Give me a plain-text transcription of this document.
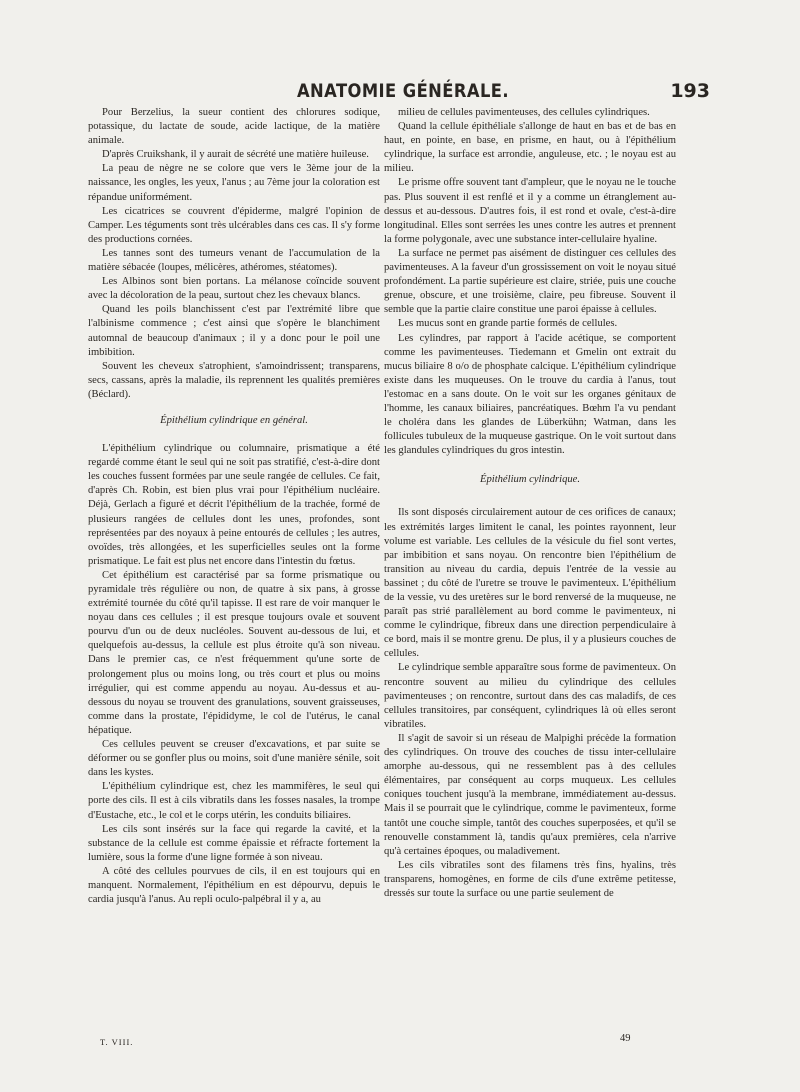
ANATOMIE GÉNÉRALE.	193

Pour Berzelius, la sueur contient des chlorures sodique, potassique, du lactate de soude, acide lactique, de la matière animale.

D'après Cruikshank, il y aurait de sécrété une matière huileuse.

La peau de nègre ne se colore que vers le 3ème jour de la naissance, les ongles, les yeux, l'anus ; au 7ème jour la coloration est répandue uniformément.

Les cicatrices se couvrent d'épiderme, malgré l'opinion de Camper. Les téguments sont très ulcérables dans ces cas. Il s'y forme des productions cornées.

Les tannes sont des tumeurs venant de l'accumulation de la matière sébacée (loupes, mélicères, athéromes, stéatomes).

Les Albinos sont bien portans. La mélanose coïncide souvent avec la décoloration de la peau, surtout chez les chevaux blancs.

Quand les poils blanchissent c'est par l'extrémité libre que l'albinisme commence ; c'est ainsi que s'opère le blanchiment automnal de beaucoup d'animaux ; il y a donc pour le poil une imbibition.

Souvent les cheveux s'atrophient, s'amoindrissent; transparens, secs, cassans, après la maladie, ils reprennent les qualités premières (Béclard).

Épithélium cylindrique en général.

L'épithélium cylindrique ou columnaire, prismatique a été regardé comme étant le seul qui ne soit pas stratifié, c'est-à-dire dont les couches fussent formées par une seule rangée de cellules. Ce fait, d'après Ch. Robin, est bien plus vrai pour l'épithélium nucléaire. Déjà, Gerlach a figuré et décrit l'épithélium de la trachée, formé de plusieurs rangées de cellules dont les unes, profondes, sont représentées par des noyaux à peine entourés de cellules ; les autres, ovoïdes, très allongées, et les superficielles seules ont la forme prismatique. Le fait est plus net encore dans l'intestin du fœtus.

Cet épithélium est caractérisé par sa forme prismatique ou pyramidale très régulière ou non, de quatre à six pans, à grosse extrémité tournée du côté qu'il tapisse. Il est rare de voir manquer le noyau dans ces cellules ; il est presque toujours ovale et souvent pourvu d'un ou de deux nucléoles. Souvent au-dessous de lui, et quelquefois au-dessus, la cellule est plus étroite qu'à son niveau. Dans le premier cas, ce n'est fréquemment qu'une sorte de prolongement plus ou moins long, ou très court et plus ou moins irrégulier, qui est comme appendu au noyau. Au-dessus et au-dessous du noyau se trouvent des granulations, souvent graisseuses, comme dans la prostate, l'épididyme, le col de l'utérus, le canal hépatique.

Ces cellules peuvent se creuser d'excavations, et par suite se déformer ou se gonfler plus ou moins, soit d'une manière sénile, soit dans les kystes.

L'épithélium cylindrique est, chez les mammifères, le seul qui porte des cils. Il est à cils vibratils dans les fosses nasales, la trompe d'Eustache, etc., le col et le corps utérin, les conduits biliaires.

Les cils sont insérés sur la face qui regarde la cavité, et la substance de la cellule est comme épaissie et réfracte fortement la lumière, sous la forme d'une ligne formée à son niveau.

A côté des cellules pourvues de cils, il en est toujours qui en manquent. Normalement, l'épithélium en est dépourvu, depuis le cardia jusqu'à l'anus. Au repli oculo-palpébral il y a, au

milieu de cellules pavimenteuses, des cellules cylindriques.

Quand la cellule épithéliale s'allonge de haut en bas et de bas en haut, en pointe, en base, en prisme, en haut, ou à l'épithélium cylindrique, la surface est arrondie, anguleuse, etc. ; le noyau est au milieu.

Le prisme offre souvent tant d'ampleur, que le noyau ne le touche pas. Plus souvent il est renflé et il y a comme un étranglement au-dessus et au-dessous. D'autres fois, il est rond et ovale, c'est-à-dire longitudinal. Elles sont serrées les unes contre les autres et prennent la forme polygonale, avec une substance inter-cellulaire hyaline.

La surface ne permet pas aisément de distinguer ces cellules des pavimenteuses. A la faveur d'un grossissement on voit le noyau situé profondément. La partie supérieure est claire, striée, puis une couche grenue, obscure, et une troisième, claire, peu fibreuse. Souvent il semble que la partie claire constitue une paroi épaisse à cellules.

Les mucus sont en grande partie formés de cellules.

Les cylindres, par rapport à l'acide acétique, se comportent comme les pavimenteuses. Tiedemann et Gmelin ont extrait du mucus biliaire 8 o/o de phosphate calcique. L'épithélium cylindrique existe dans les muqueuses. On le trouve du cardia à l'anus, tout l'estomac en a sans doute. On le voit sur les organes génitaux de l'homme, les canaux biliaires, pancréatiques. Bœhm l'a vu pendant le choléra dans les glandes de Lüberkühn; Watman, dans les follicules tubuleux de la muqueuse gastrique. On le voit surtout dans les glandules cylindriques du gros intestin.

Épithélium cylindrique.

Ils sont disposés circulairement autour de ces orifices de canaux; les extrémités larges limitent le canal, les pointes rayonnent, leur volume est variable. Les cellules de la vésicule du fiel sont vertes, par imbibition et sans noyau. On rencontre bien l'épithélium de transition au niveau du cardia, depuis l'entrée de la vessie au bassinet ; du côté de l'uretre se trouve le pavimenteux. L'épithélium de la vessie, vu des uretères sur le bord renversé de la muqueuse, ne paraît pas strié parallèlement au bord comme le pavimenteux, ni comme le cylindrique, fibreux dans une direction perpendiculaire à ce bord, mais il se montre grenu. De plus, il y a plusieurs couches de cellules.

Le cylindrique semble apparaître sous forme de pavimenteux. On rencontre souvent au milieu du cylindrique des cellules pavimenteuses ; on rencontre, surtout dans des cas maladifs, de ces cellules transitoires, par conséquent, cylindriques là où elles seront vibratiles.

Il s'agit de savoir si un réseau de Malpighi précède la formation des cylindriques. On trouve des couches de tissu inter-cellulaire amorphe au-dessous, qui ne ressemblent pas à des cellules élémentaires, par conséquent au corps muqueux. Les cellules coniques touchent jusqu'à la membrane, immédiatement au-dessus. Mais il se pourrait que le cylindrique, comme le pavimenteux, forme tantôt une couche simple, tantôt des couches superposées, et qu'il se renouvelle constamment là, tandis qu'aux premières, cela n'arrive qu'à certaines époques, ou maladivement.

Les cils vibratiles sont des filamens très fins, hyalins, très transparens, homogènes, en forme de cils d'une extrême petitesse, dressés sur toute la surface ou une partie seulement de

T. VIII.	49
